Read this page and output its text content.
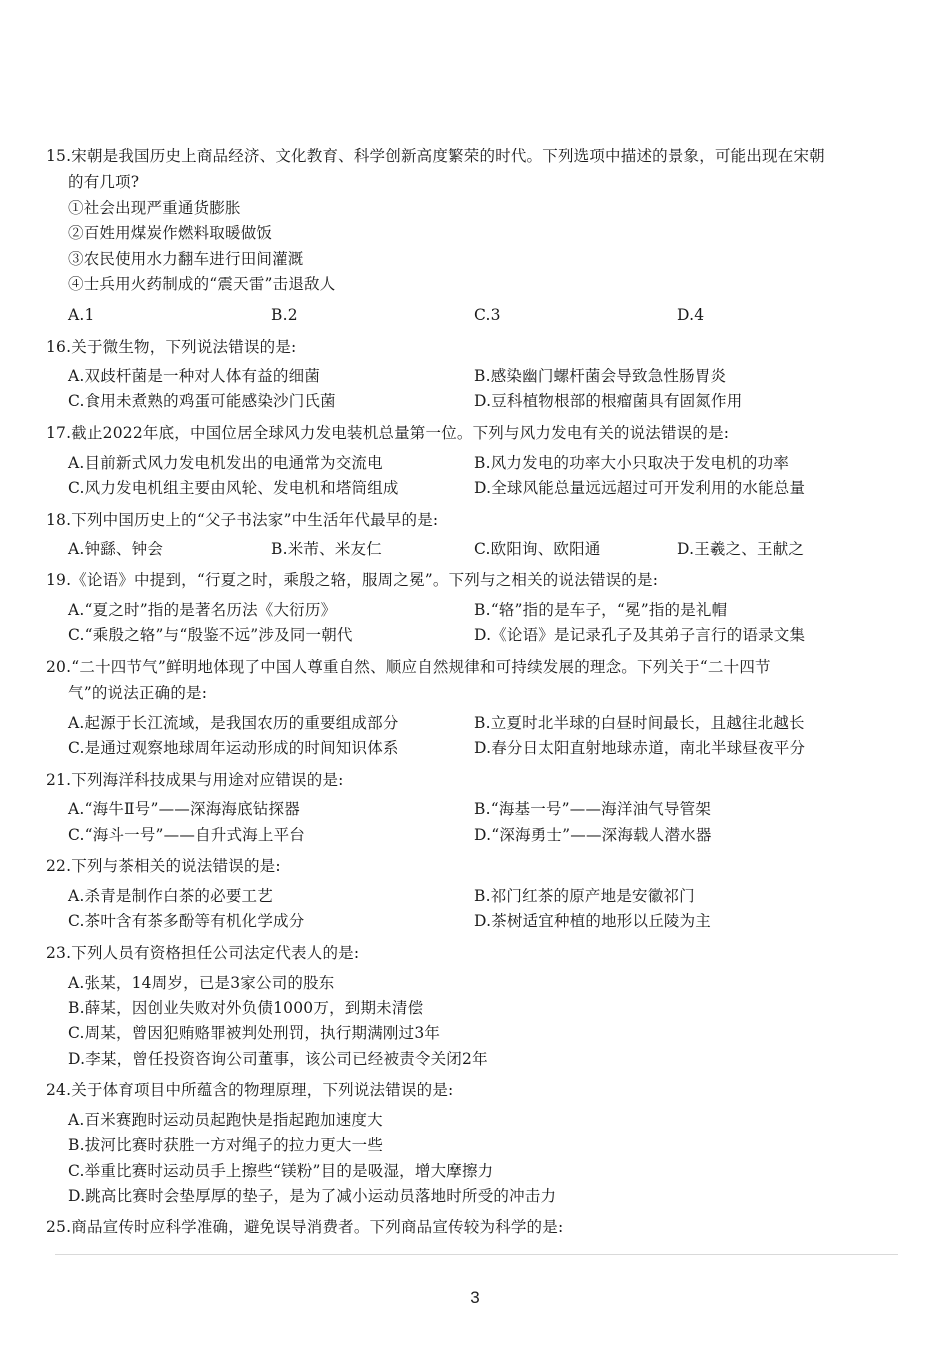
15.宋朝是我国历史上商品经济、文化教育、科学创新高度繁荣的时代。下列选项中描述的景象，可能出现在宋朝
的有几项?
①社会出现严重通货膨胀
②百姓用煤炭作燃料取暖做饭
③农民使用水力翻车进行田间灌溉
④士兵用火药制成的“震天雷”击退敌人
A.1	B.2	C.3	D.4
16.关于微生物，下列说法错误的是:
A.双歧杆菌是一种对人体有益的细菌	B.感染幽门螺杆菌会导致急性肠胃炎
C.食用未煮熟的鸡蛋可能感染沙门氏菌	D.豆科植物根部的根瘤菌具有固氮作用
17.截止2022年底，中国位居全球风力发电装机总量第一位。下列与风力发电有关的说法错误的是:
A.目前新式风力发电机发出的电通常为交流电	B.风力发电的功率大小只取决于发电机的功率
C.风力发电机组主要由风轮、发电机和塔筒组成	D.全球风能总量远远超过可开发利用的水能总量
18.下列中国历史上的“父子书法家”中生活年代最早的是:
A.钟繇、钟会	B.米芾、米友仁	C.欧阳询、欧阳通	D.王羲之、王献之
19.《论语》中提到，“行夏之时，乘殷之辂，服周之冕”。下列与之相关的说法错误的是:
A.“夏之时”指的是著名历法《大衍历》	B.“辂”指的是车子，“冕”指的是礼帽
C.“乘殷之辂”与“殷鉴不远”涉及同一朝代	D.《论语》是记录孔子及其弟子言行的语录文集
20.“二十四节气”鲜明地体现了中国人尊重自然、顺应自然规律和可持续发展的理念。下列关于“二十四节
气”的说法正确的是:
A.起源于长江流域，是我国农历的重要组成部分	B.立夏时北半球的白昼时间最长，且越往北越长
C.是通过观察地球周年运动形成的时间知识体系	D.春分日太阳直射地球赤道，南北半球昼夜平分
21.下列海洋科技成果与用途对应错误的是:
A.“海牛Ⅱ号”——深海海底钻探器	B.“海基一号”——海洋油气导管架
C.“海斗一号”——自升式海上平台	D.“深海勇士”——深海载人潜水器
22.下列与茶相关的说法错误的是:
A.杀青是制作白茶的必要工艺	B.祁门红茶的原产地是安徽祁门
C.茶叶含有茶多酚等有机化学成分	D.茶树适宜种植的地形以丘陵为主
23.下列人员有资格担任公司法定代表人的是:
A.张某，14周岁，已是3家公司的股东
B.薛某，因创业失败对外负债1000万，到期未清偿
C.周某，曾因犯贿赂罪被判处刑罚，执行期满刚过3年
D.李某，曾任投资咨询公司董事，该公司已经被责令关闭2年
24.关于体育项目中所蕴含的物理原理，下列说法错误的是:
A.百米赛跑时运动员起跑快是指起跑加速度大
B.拔河比赛时获胜一方对绳子的拉力更大一些
C.举重比赛时运动员手上擦些“镁粉”目的是吸湿，增大摩擦力
D.跳高比赛时会垫厚厚的垫子，是为了减小运动员落地时所受的冲击力
25.商品宣传时应科学准确，避免误导消费者。下列商品宣传较为科学的是:
3
